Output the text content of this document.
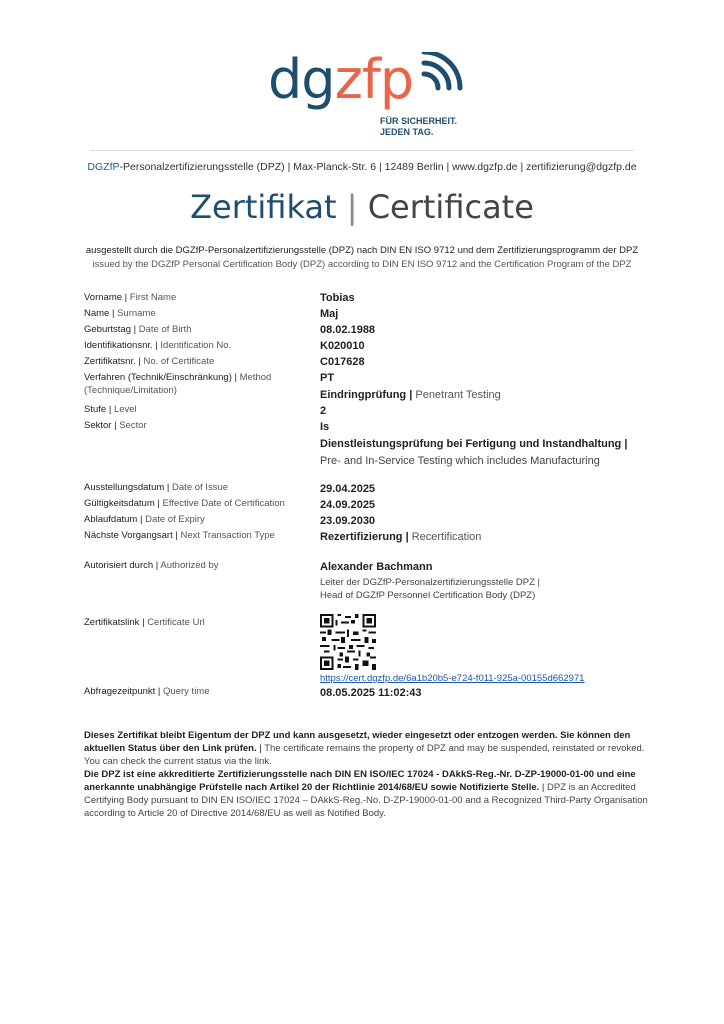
dgzfp
FÜR SICHERHEIT.
JEDEN TAG.
DGZfP-Personalzertifizierungsstelle (DPZ) | Max-Planck-Str. 6 | 12489 Berlin | www.dgzfp.de | zertifizierung@dgzfp.de
Zertifikat | Certificate
ausgestellt durch die DGZfP-Personalzertifizierungsstelle (DPZ) nach DIN EN ISO 9712 und dem Zertifizierungsprogramm der DPZ
issued by the DGZfP Personal Certification Body (DPZ) according to DIN EN ISO 9712 and the Certification Program of the DPZ
Vorname | First Name
Name | Surname
Geburtstag | Date of Birth
Identifikationsnr. | Identification No.
Zertifikatsnr. | No. of Certificate
Verfahren (Technik/Einschränkung) | Method
(Technique/Limitation)
Stufe | Level
Sektor | Sector
Ausstellungsdatum | Date of Issue
Gültigkeitsdatum | Effective Date of Certification
Ablaufdatum | Date of Expiry
Nächste Vorgangsart | Next Transaction Type
Autorisiert durch | Authorized by
Zertifikatslink | Certificate Url
Abfragezeitpunkt | Query time
Tobias
Maj
08.02.1988
K020010
C017628
PT
Eindringprüfung | Penetrant Testing
2
Is
Dienstleistungsprüfung bei Fertigung und Instandhaltung |
Pre- and In-Service Testing which includes Manufacturing
29.04.2025
24.09.2025
23.09.2030
Rezertifizierung | Recertification
Alexander Bachmann
Leiter der DGZfP-Personalzertifizierungsstelle DPZ |
Head of DGZfP Personnel Certification Body (DPZ)
https://cert.dgzfp.de/6a1b20b5-e724-f011-925a-00155d662971
08.05.2025 11:02:43
Dieses Zertifikat bleibt Eigentum der DPZ und kann ausgesetzt, wieder eingesetzt oder entzogen werden. Sie können den aktuellen Status über den Link prüfen. | The certificate remains the property of DPZ and may be suspended, reinstated or revoked. You can check the current status via the link.
Die DPZ ist eine akkreditierte Zertifizierungsstelle nach DIN EN ISO/IEC 17024 - DAkkS-Reg.-Nr. D-ZP-19000-01-00 und eine anerkannte unabhängige Prüfstelle nach Artikel 20 der Richtlinie 2014/68/EU sowie Notifizierte Stelle. | DPZ is an Accredited Certifying Body pursuant to DIN EN ISO/IEC 17024 – DAkkS-Reg.-No. D-ZP-19000-01-00 and a Recognized Third-Party Organisation according to Article 20 of Directive 2014/68/EU as well as Notified Body.
